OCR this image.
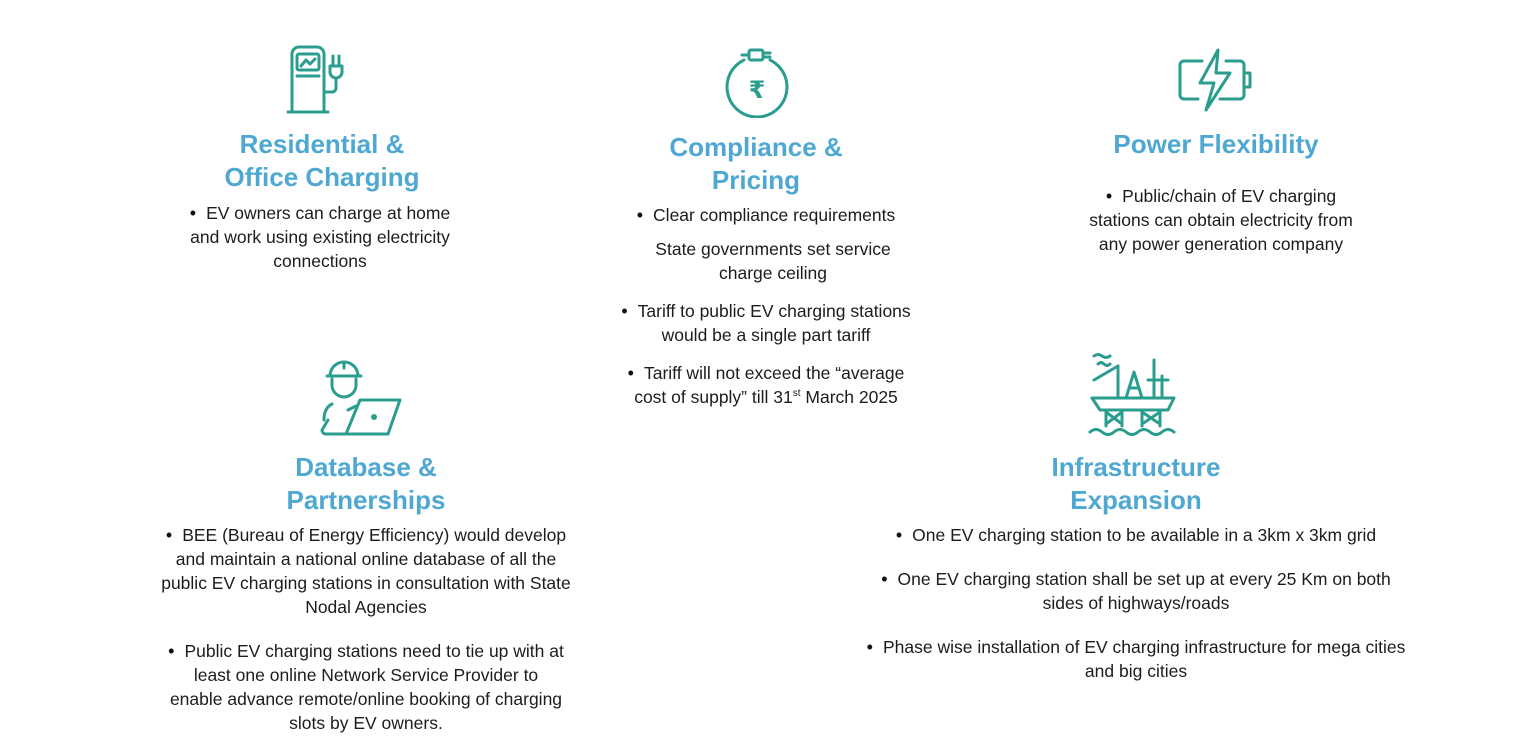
Residential &
Office Charging

• EV owners can charge at home
and work using existing electricity
connections

₹
Compliance &
Pricing

• Clear compliance requirements

State governments set service
charge ceiling

• Tariff to public EV charging stations
would be a single part tariff

• Tariff will not exceed the “average
cost of supply” till 31st March 2025

Power Flexibility

• Public/chain of EV charging
stations can obtain electricity from
any power generation company

Database &
Partnerships

• BEE (Bureau of Energy Efficiency) would develop
and maintain a national online database of all the
public EV charging stations in consultation with State
Nodal Agencies

• Public EV charging stations need to tie up with at
least one online Network Service Provider to
enable advance remote/online booking of charging
slots by EV owners.

Infrastructure
Expansion

• One EV charging station to be available in a 3km x 3km grid

• One EV charging station shall be set up at every 25 Km on both
sides of highways/roads

• Phase wise installation of EV charging infrastructure for mega cities
and big cities
